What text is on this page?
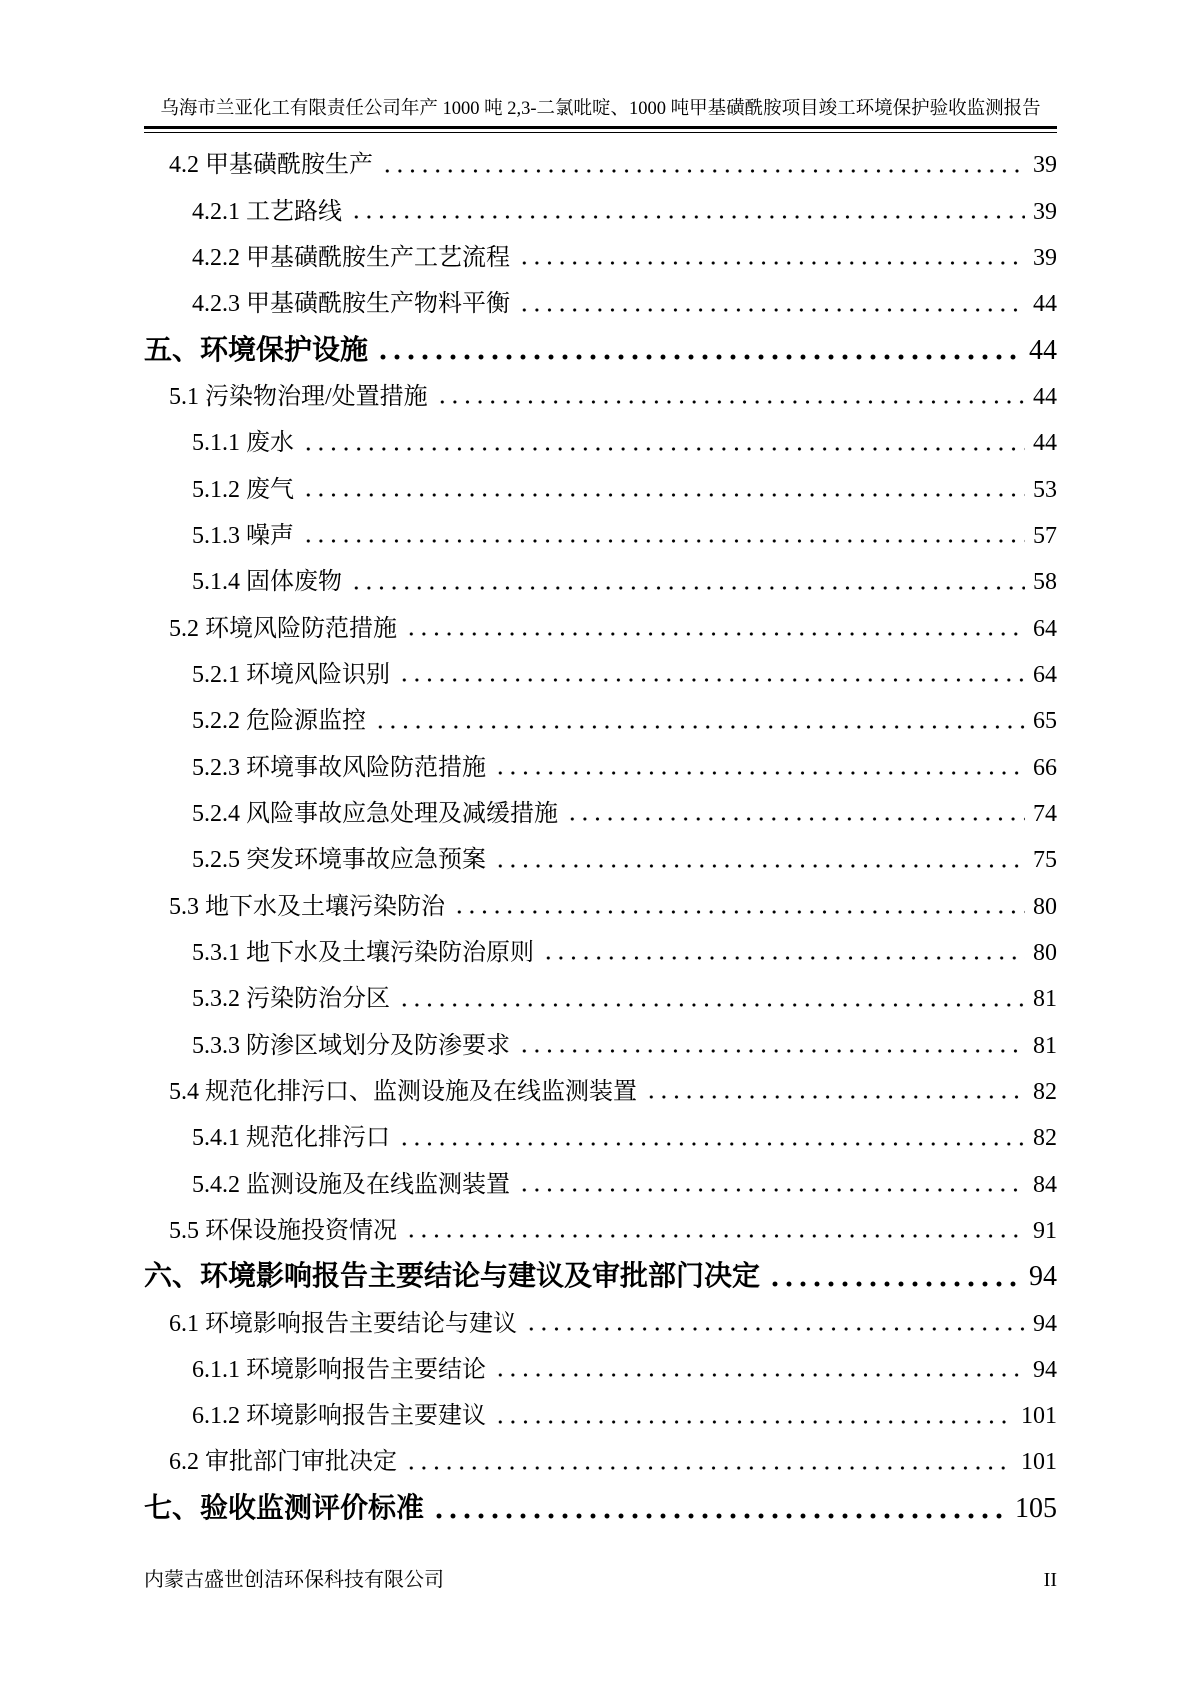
乌海市兰亚化工有限责任公司年产 1000 吨 2,3-二氯吡啶、1000 吨甲基磺酰胺项目竣工环境保护验收监测报告
4.2 甲基磺酰胺生产	39
4.2.1 工艺路线	39
4.2.2 甲基磺酰胺生产工艺流程	39
4.2.3 甲基磺酰胺生产物料平衡	44
五、环境保护设施	44
5.1 污染物治理/处置措施	44
5.1.1 废水	44
5.1.2 废气	53
5.1.3 噪声	57
5.1.4 固体废物	58
5.2 环境风险防范措施	64
5.2.1 环境风险识别	64
5.2.2 危险源监控	65
5.2.3 环境事故风险防范措施	66
5.2.4 风险事故应急处理及减缓措施	74
5.2.5 突发环境事故应急预案	75
5.3 地下水及土壤污染防治	80
5.3.1 地下水及土壤污染防治原则	80
5.3.2 污染防治分区	81
5.3.3 防渗区域划分及防渗要求	81
5.4 规范化排污口、监测设施及在线监测装置	82
5.4.1 规范化排污口	82
5.4.2 监测设施及在线监测装置	84
5.5 环保设施投资情况	91
六、环境影响报告主要结论与建议及审批部门决定	94
6.1 环境影响报告主要结论与建议	94
6.1.1 环境影响报告主要结论	94
6.1.2 环境影响报告主要建议	101
6.2 审批部门审批决定	101
七、验收监测评价标准	105
内蒙古盛世创洁环保科技有限公司	II
